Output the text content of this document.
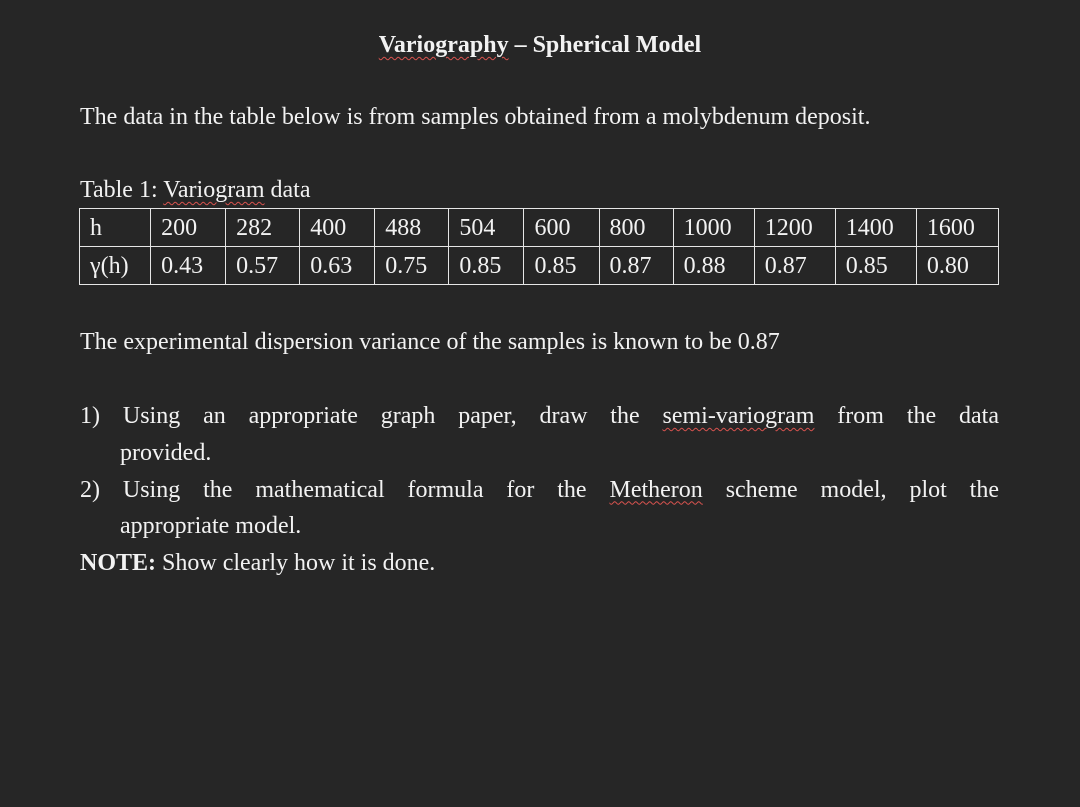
Variography – Spherical Model
The data in the table below is from samples obtained from a molybdenum deposit.
Table 1: Variogram data
h	200	282	400	488	504	600	800	1000	1200	1400	1600
γ(h)	0.43	0.57	0.63	0.75	0.85	0.85	0.87	0.88	0.87	0.85	0.80
The experimental dispersion variance of the samples is known to be 0.87
1) Using an appropriate graph paper, draw the semi-variogram from the data
provided.
2) Using the mathematical formula for the Metheron scheme model, plot the
appropriate model.
NOTE: Show clearly how it is done.
